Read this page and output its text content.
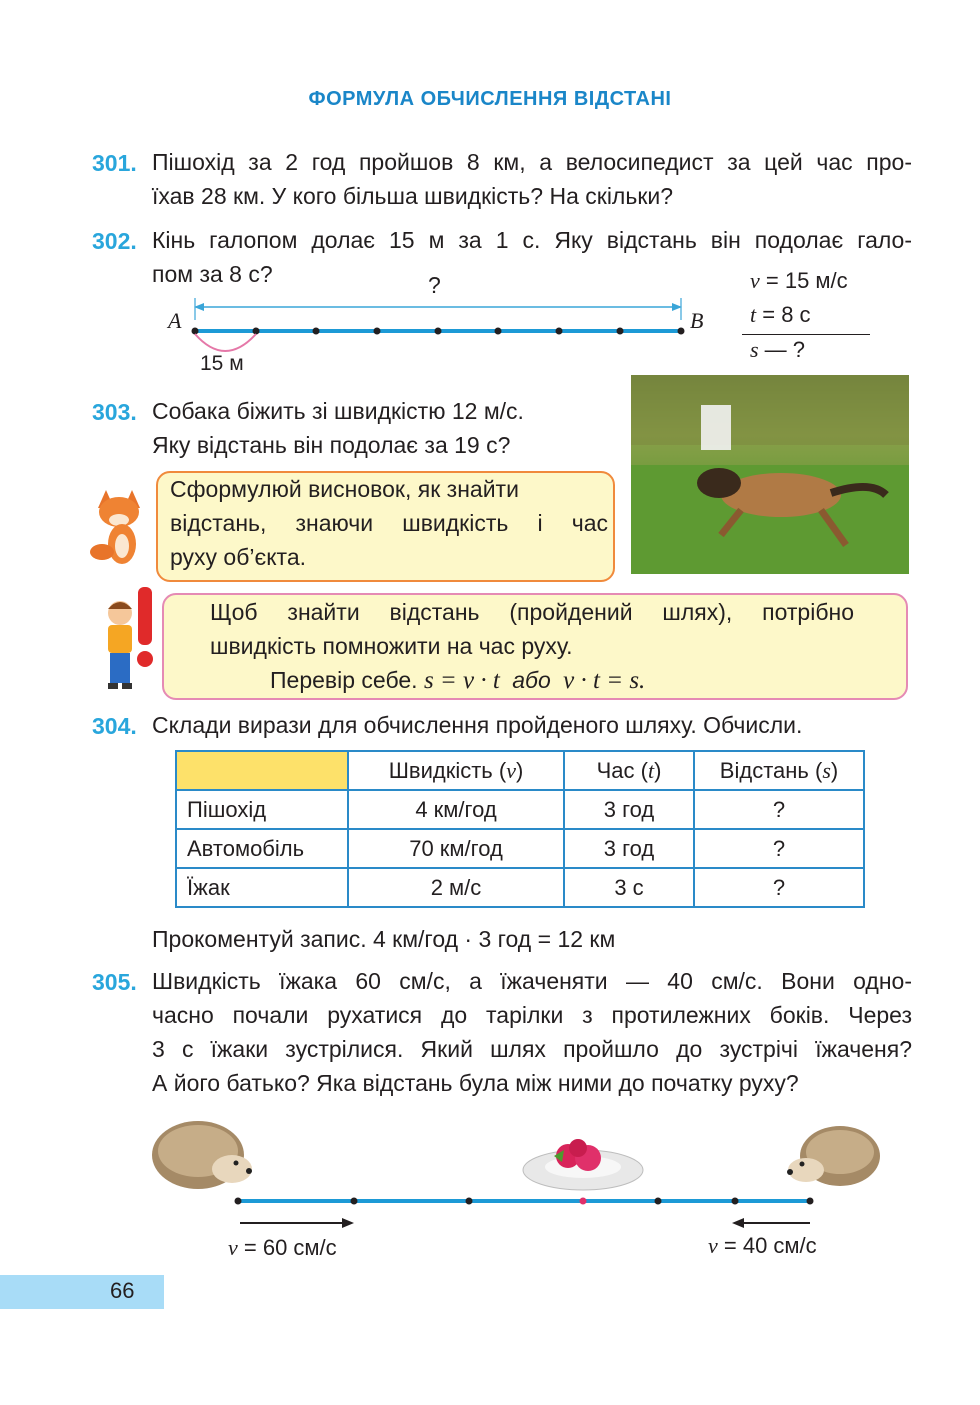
ФОРМУЛА ОБЧИСЛЕННЯ ВІДСТАНІ
301. Пішохід за 2 год пройшов 8 км, а велосипедист за цей час про-
їхав 28 км. У кого більша швидкість? На скільки?
302. Кінь галопом долає 15 м за 1 с. Яку відстань він подолає гало-
пом за 8 с?	?
A	B
15 м
v = 15 м/с
t = 8 с
s — ?
303. Собака біжить зі швидкістю 12 м/с.
Яку відстань він подолає за 19 с?
Сформулюй висновок, як знайти
відстань, знаючи швидкість і час
руху об’єкта.
Щоб знайти відстань (пройдений шлях), потрібно
швидкість помножити на час руху.
Перевір себе. s = v · t або v · t = s.
304. Склади вирази для обчислення пройденого шляху. Обчисли.
	Швидкість (v)	Час (t)	Відстань (s)
Пішохід	4 км/год	3 год	?
Автомобіль	70 км/год	3 год	?
Їжак	2 м/с	3 с	?
Прокоментуй запис. 4 км/год · 3 год = 12 км
305. Швидкість їжака 60 см/с, а їжаченяти — 40 см/с. Вони одно-
часно почали рухатися до тарілки з протилежних боків. Через
3 с їжаки зустрілися. Який шлях пройшло до зустрічі їжаченя?
А його батько? Яка відстань була між ними до початку руху?
v = 60 см/с	v = 40 см/с
66
